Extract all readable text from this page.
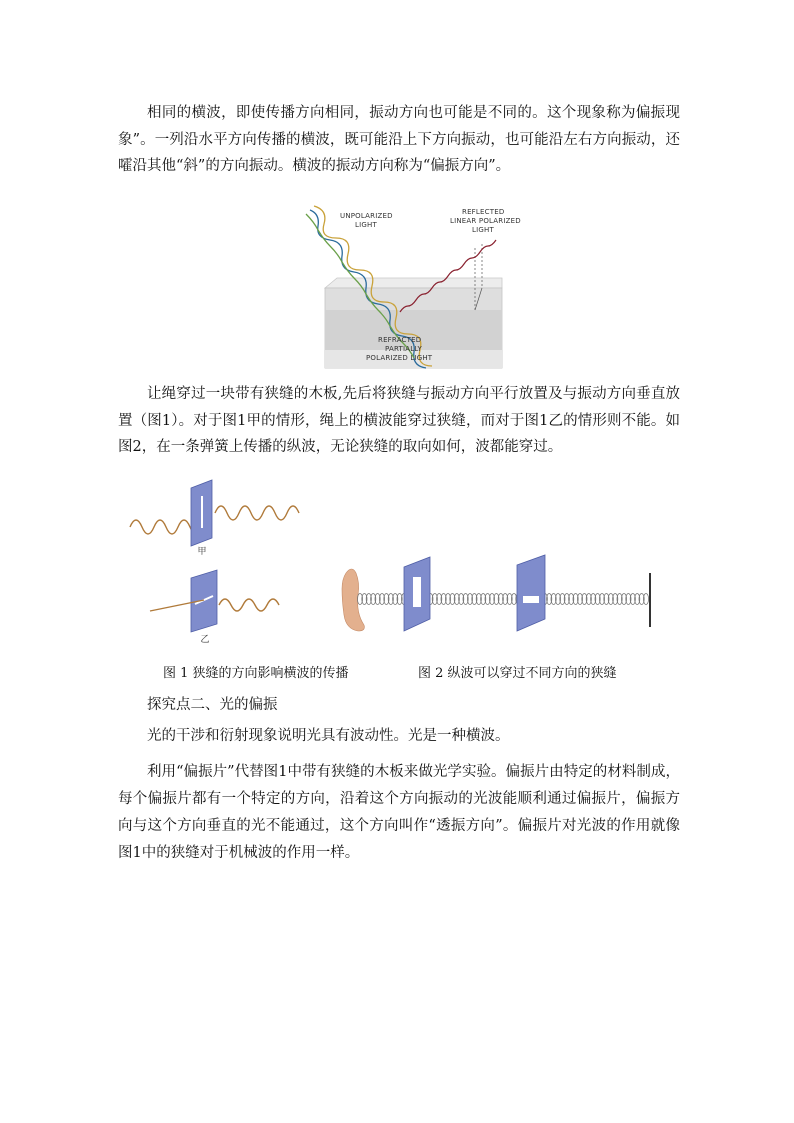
相同的横波，即使传播方向相同，振动方向也可能是不同的。这个现象称为偏振现象”。一列沿水平方向传播的横波，既可能沿上下方向振动，也可能沿左右方向振动，还嚯沿其他“斜”的方向振动。横波的振动方向称为“偏振方向”。

UNPOLARIZED
LIGHT
REFLECTED
LINEAR POLARIZED
LIGHT
REFRACTED
PARTIALLY
POLARIZED LIGHT

让绳穿过一块带有狭缝的木板,先后将狭缝与振动方向平行放置及与振动方向垂直放置（图1）。对于图1甲的情形，绳上的横波能穿过狭缝，而对于图1乙的情形则不能。如图2，在一条弹簧上传播的纵波，无论狭缝的取向如何，波都能穿过。

甲
乙
图 1 狭缝的方向影响横波的传播	图 2 纵波可以穿过不同方向的狭缝

探究点二、光的偏振

光的干涉和衍射现象说明光具有波动性。光是一种横波。

利用“偏振片”代替图1中带有狭缝的木板来做光学实验。偏振片由特定的材料制成，每个偏振片都有一个特定的方向，沿着这个方向振动的光波能顺利通过偏振片，偏振方向与这个方向垂直的光不能通过，这个方向叫作“透振方向”。偏振片对光波的作用就像图1中的狭缝对于机械波的作用一样。
